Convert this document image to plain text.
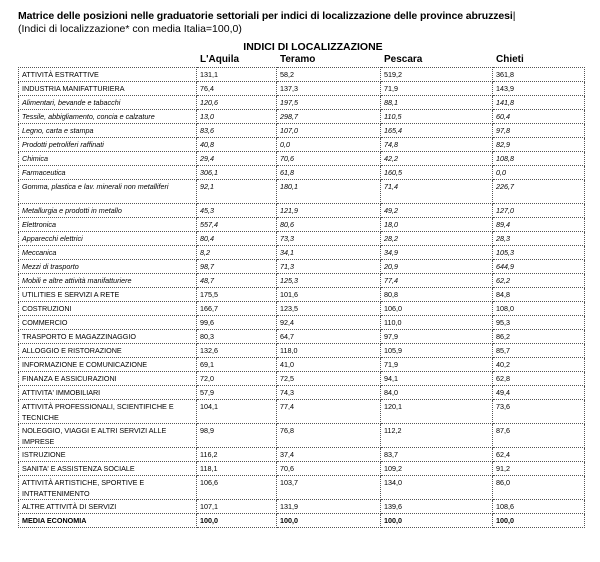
Matrice delle posizioni nelle graduatorie settoriali per indici di localizzazione delle province abruzzesi|
(Indici di localizzazione* con media Italia=100,0)
INDICI DI LOCALIZZAZIONE
L'Aquila	Teramo	Pescara	Chieti
ATTIVITÀ ESTRATTIVE	131,1	58,2	519,2	361,8

INDUSTRIA MANIFATTURIERA	76,4	137,3	71,9	143,9

Alimentari, bevande e tabacchi	120,6	197,5	88,1	141,8

Tessile, abbigliamento, concia e calzature	13,0	298,7	110,5	60,4

Legno, carta e stampa	83,6	107,0	165,4	97,8

Prodotti petroliferi raffinati	40,8	0,0	74,8	82,9

Chimica	29,4	70,6	42,2	108,8

Farmaceutica	306,1	61,8	160,5	0,0

Gomma, plastica e lav. minerali non metalliferi	92,1	180,1	71,4	226,7

Metallurgia e prodotti in metallo	45,3	121,9	49,2	127,0

Elettronica	557,4	80,6	18,0	89,4

Apparecchi elettrici	80,4	73,3	28,2	28,3

Meccanica	8,2	34,1	34,9	105,3

Mezzi di trasporto	98,7	71,3	20,9	644,9

Mobili e altre attività manifatturiere	48,7	125,3	77,4	62,2

UTILITIES E SERVIZI A RETE	175,5	101,6	80,8	84,8

COSTRUZIONI	166,7	123,5	106,0	108,0

COMMERCIO	99,6	92,4	110,0	95,3

TRASPORTO E MAGAZZINAGGIO	80,3	64,7	97,9	86,2

ALLOGGIO E RISTORAZIONE	132,6	118,0	105,9	85,7

INFORMAZIONE E COMUNICAZIONE	69,1	41,0	71,9	40,2

FINANZA E ASSICURAZIONI	72,0	72,5	94,1	62,8

ATTIVITA' IMMOBILIARI	57,9	74,3	84,0	49,4

ATTIVITÀ PROFESSIONALI, SCIENTIFICHE E TECNICHE	104,1	77,4	120,1	73,6

NOLEGGIO, VIAGGI E ALTRI SERVIZI ALLE IMPRESE	98,9	76,8	112,2	87,6

ISTRUZIONE	116,2	37,4	83,7	62,4

SANITA' E ASSISTENZA SOCIALE	118,1	70,6	109,2	91,2

ATTIVITÀ ARTISTICHE, SPORTIVE E INTRATTENIMENTO	106,6	103,7	134,0	86,0

ALTRE ATTIVITÀ DI SERVIZI	107,1	131,9	139,6	108,6

MEDIA ECONOMIA	100,0	100,0	100,0	100,0
